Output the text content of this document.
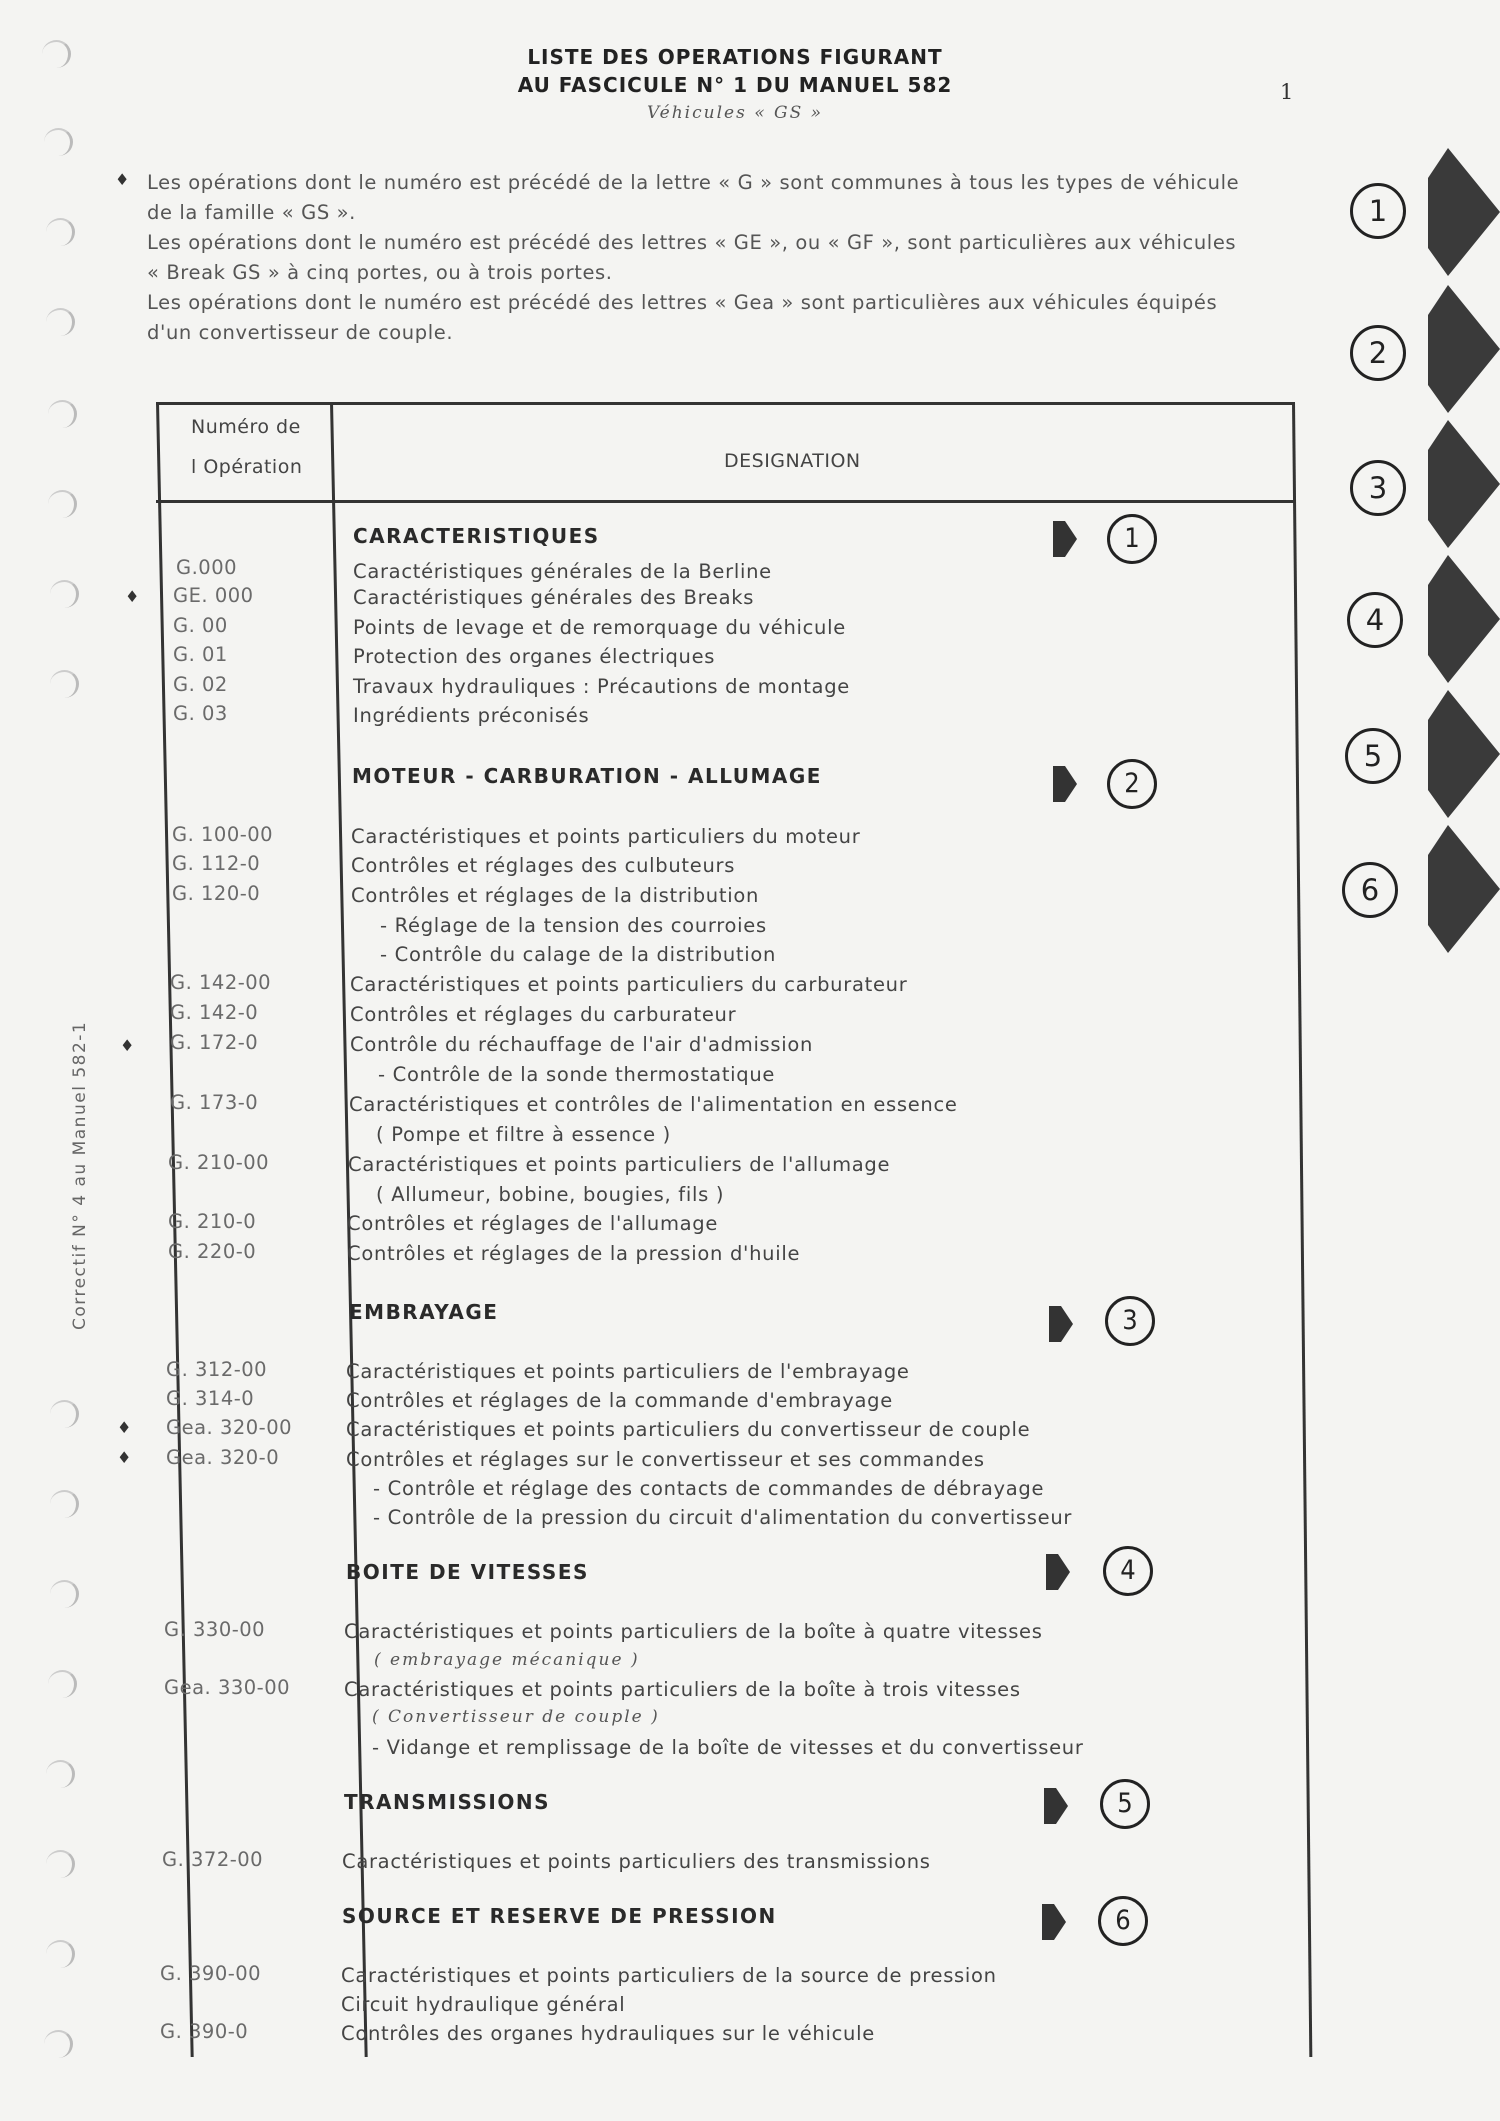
LISTE DES OPERATIONS FIGURANT
AU FASCICULE N° 1 DU MANUEL 582
Véhicules « GS »
1
♦ Les opérations dont le numéro est précédé de la lettre « G » sont communes à tous les types de véhicule
de la famille « GS ».
Les opérations dont le numéro est précédé des lettres « GE », ou « GF », sont particulières aux véhicules
« Break GS » à cinq portes, ou à trois portes.
Les opérations dont le numéro est précédé des lettres « Gea » sont particulières aux véhicules équipés
d'un convertisseur de couple.
Numéro de
l Opération	DESIGNATION
CARACTERISTIQUES	1
G.000	Caractéristiques générales de la Berline
♦ GE. 000	Caractéristiques générales des Breaks
G. 00	Points de levage et de remorquage du véhicule
G. 01	Protection des organes électriques
G. 02	Travaux hydrauliques : Précautions de montage
G. 03	Ingrédients préconisés
MOTEUR - CARBURATION - ALLUMAGE	2
G. 100-00	Caractéristiques et points particuliers du moteur
G. 112-0	Contrôles et réglages des culbuteurs
G. 120-0	Contrôles et réglages de la distribution
- Réglage de la tension des courroies
- Contrôle du calage de la distribution
G. 142-00	Caractéristiques et points particuliers du carburateur
G. 142-0	Contrôles et réglages du carburateur
♦ G. 172-0	Contrôle du réchauffage de l'air d'admission
- Contrôle de la sonde thermostatique
G. 173-0	Caractéristiques et contrôles de l'alimentation en essence
( Pompe et filtre à essence )
G. 210-00	Caractéristiques et points particuliers de l'allumage
( Allumeur, bobine, bougies, fils )
G. 210-0	Contrôles et réglages de l'allumage
G. 220-0	Contrôles et réglages de la pression d'huile
EMBRAYAGE	3
G. 312-00	Caractéristiques et points particuliers de l'embrayage
G. 314-0	Contrôles et réglages de la commande d'embrayage
♦ Gea. 320-00	Caractéristiques et points particuliers du convertisseur de couple
♦ Gea. 320-0	Contrôles et réglages sur le convertisseur et ses commandes
- Contrôle et réglage des contacts de commandes de débrayage
- Contrôle de la pression du circuit d'alimentation du convertisseur
BOITE DE VITESSES	4
G. 330-00	Caractéristiques et points particuliers de la boîte à quatre vitesses
( embrayage mécanique )
Gea. 330-00	Caractéristiques et points particuliers de la boîte à trois vitesses
( Convertisseur de couple )
- Vidange et remplissage de la boîte de vitesses et du convertisseur
TRANSMISSIONS	5
G. 372-00	Caractéristiques et points particuliers des transmissions
SOURCE ET RESERVE DE PRESSION	6
G. 390-00	Caractéristiques et points particuliers de la source de pression
Circuit hydraulique général
G. 390-0	Contrôles des organes hydrauliques sur le véhicule
Correctif N° 4 au Manuel 582-1
1
2
3
4
5
6
